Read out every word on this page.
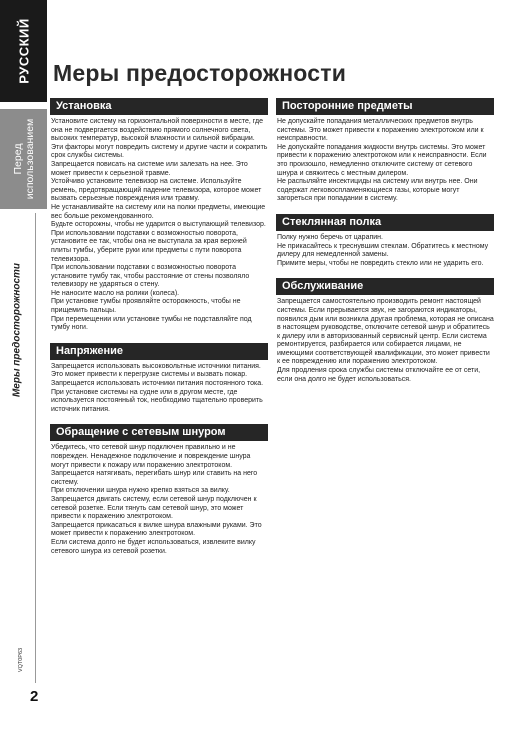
РУССКИЙ
Перед использованием
Меры предосторожности
VQT0P63
2
Меры предосторожности
Установка

Установите систему на горизонтальной поверхности в месте, где она не подвергается воздействию прямого солнечного света, высоких температур, высокой влажности и сильной вибрации. Эти факторы могут повредить систему и другие части и сократить срок службы системы.

Запрещается повисать на системе или залезать на нее. Это может привести к серьезной травме.

Устойчиво установите телевизор на системе. Используйте ремень, предотвращающий падение телевизора, которое может вызвать серьезные повреждения или травму.

Не устанавливайте на систему или на полки предметы, имеющие вес больше рекомендованного.

Будьте осторожны, чтобы не ударится о выступающий телевизор.

При использовании подставки с возможностью поворота, установите ее так, чтобы она не выступала за края верхней плиты тумбы, уберите руки или предметы с пути поворота телевизора.

При использовании подставки с возможностью поворота установите тумбу так, чтобы расстояние от стены позволяло телевизору не ударяться о стену.

Не наносите масло на ролики (колеса).

При установке тумбы проявляйте осторожность, чтобы не прищемить пальцы.

При перемещении или установке тумбы не подставляйте под тумбу ноги.

Напряжение

Запрещается использовать высоковольтные источники питания. Это может привести к перегрузке системы и вызвать пожар.

Запрещается использовать источники питания постоянного тока. При установке системы на судне или в другом месте, где используется постоянный ток, необходимо тщательно проверить источник питания.

Обращение с сетевым шнуром

Убедитесь, что сетевой шнур подключен правильно и не поврежден. Ненадежное подключение и повреждение шнура могут привести к пожару или поражению электротоком. Запрещается натягивать, перегибать шнур или ставить на него систему.

При отключении шнура нужно крепко взяться за вилку. Запрещается двигать систему, если сетевой шнур подключен к сетевой розетке. Если тянуть сам сетевой шнур, это может привести к поражению электротоком.

Запрещается прикасаться к вилке шнура влажными руками. Это может привести к поражению электротоком.

Если система долго не будет использоваться, извлеките вилку сетевого шнура из сетевой розетки.

Посторонние предметы

Не допускайте попадания металлических предметов внутрь системы. Это может привести к поражению электротоком или к неисправности.

Не допускайте попадания жидкости внутрь системы. Это может привести к поражению электротоком или к неисправности. Если это произошло, немедленно отключите систему от сетевого шнура и свяжитесь с местным дилером.

Не распыляйте инсектициды на систему или внутрь нее. Они содержат легковоспламеняющиеся газы, которые могут загореться при попадании в систему.

Стеклянная полка

Полку нужно беречь от царапин.

Не прикасайтесь к треснувшим стеклам. Обратитесь к местному дилеру для немедленной замены.

Примите меры, чтобы не повредить стекло или не ударить его.

Обслуживание

Запрещается самостоятельно производить ремонт настоящей системы. Если прерывается звук, не загораются индикаторы, появился дым или возникла другая проблема, которая не описана в настоящем руководстве, отключите сетевой шнур и обратитесь к дилеру или в авторизованный сервисный центр. Если система ремонтируется, разбирается или собирается лицами, не имеющими соответствующей квалификации, это может привести к ее повреждению или поражению электротоком.

Для продления срока службы системы отключайте ее от сети, если она долго не будет использоваться.
